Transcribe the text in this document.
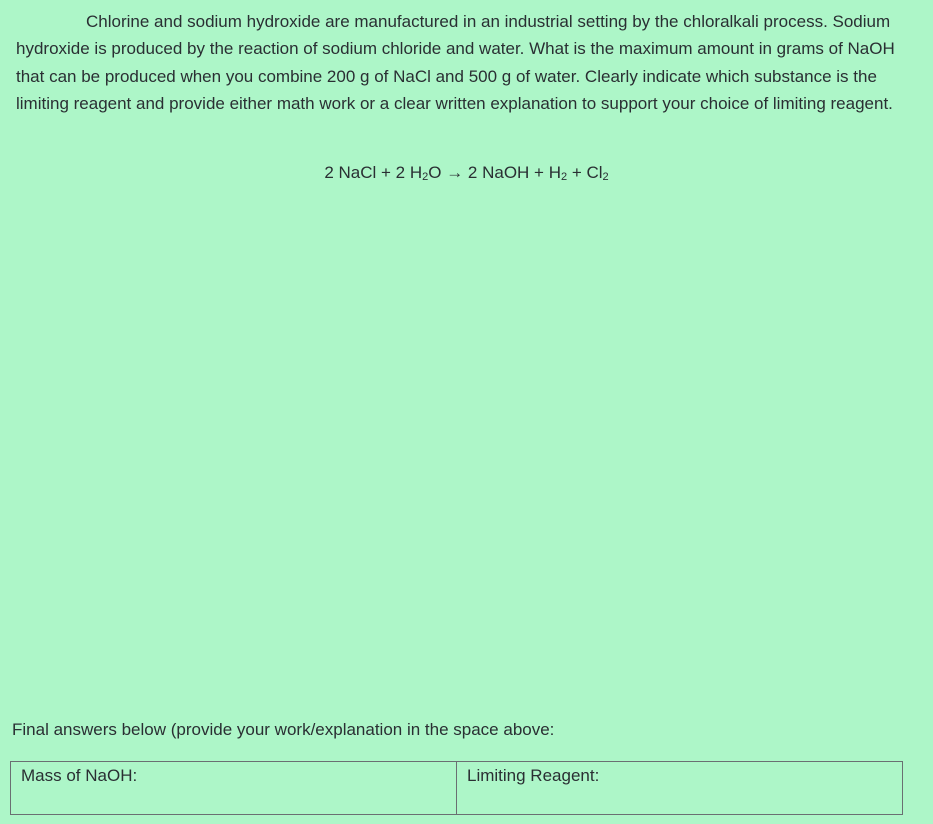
Chlorine and sodium hydroxide are manufactured in an industrial setting by the chloralkali process. Sodium hydroxide is produced by the reaction of sodium chloride and water. What is the maximum amount in grams of NaOH that can be produced when you combine 200 g of NaCl and 500 g of water. Clearly indicate which substance is the limiting reagent and provide either math work or a clear written explanation to support your choice of limiting reagent.

2 NaCl + 2 $H_2O \to 2$ NaOH + $H_2 + Cl_2$
Final answers below (provide your work/explanation in the space above:
Mass of NaOH:	Limiting Reagent:
